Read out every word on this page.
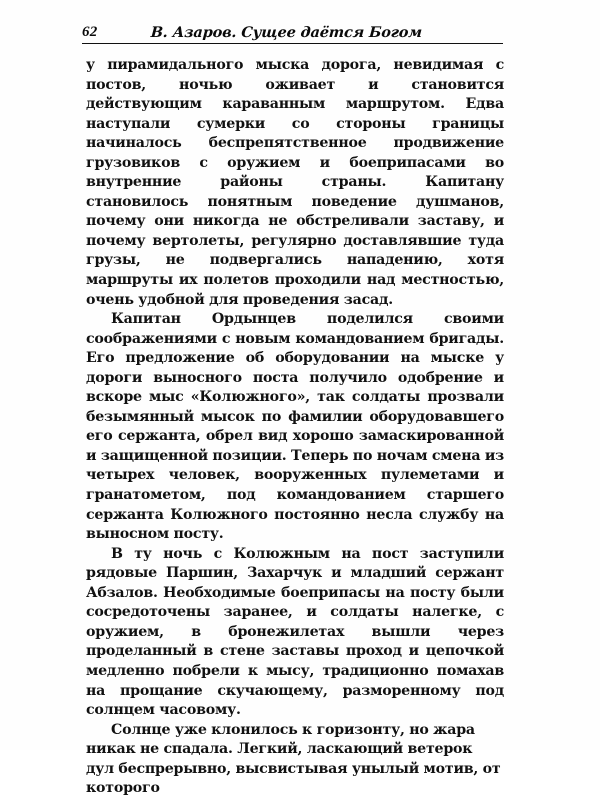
62	В. Азаров. Сущее даётся Богом

у пирамидального мыска дорога, невидимая с постов, ночью оживает и становится действующим караванным маршрутом. Едва наступали сумерки со стороны границы начиналось беспрепятственное продвижение грузовиков с оружием и боеприпасами во внутренние районы страны. Капитану становилось понятным поведение душманов, почему они никогда не обстреливали заставу, и почему вертолеты, регулярно доставлявшие туда грузы, не подвергались нападению, хотя маршруты их полетов проходили над местностью, очень удобной для проведения засад.

Капитан Ордынцев поделился своими соображениями с новым командованием бригады. Его предложение об оборудовании на мыске у дороги выносного поста получило одобрение и вскоре мыс «Колюжного», так солдаты прозвали безымянный мысок по фамилии оборудовавшего его сержанта, обрел вид хорошо замаскированной и защищенной позиции. Теперь по ночам смена из четырех человек, вооруженных пулеметами и гранатометом, под командованием старшего сержанта Колюжного постоянно несла службу на выносном посту.

В ту ночь с Колюжным на пост заступили рядовые Паршин, Захарчук и младший сержант Абзалов. Необходимые боеприпасы на посту были сосредоточены заранее, и солдаты налегке, с оружием, в бронежилетах вышли через проделанный в стене заставы проход и цепочкой медленно побрели к мысу, традиционно помахав на прощание скучающему, разморенному под солнцем часовому.

Солнце уже клонилось к горизонту, но жара никак не спадала. Легкий, ласкающий ветерок дул беспрерывно, высвистывая унылый мотив, от которого
